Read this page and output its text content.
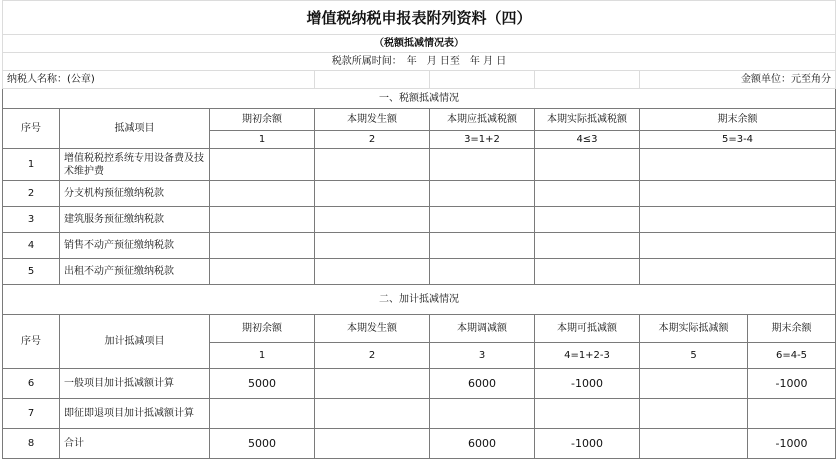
增值税纳税申报表附列资料（四）							
（税额抵减情况表）							
税款所属时间：　年　月 日至　年 月 日							
纳税人名称：(公章)						金额单位：元至角分	
一、税额抵减情况							
序号	抵减项目	期初余额	本期发生额	本期应抵减税额	本期实际抵减税额	期末余额	
		1	2	3=1+2	4≤3	5=3-4	
1	增值税税控系统专用设备费及技术维护费						
2	分支机构预征缴纳税款						
3	建筑服务预征缴纳税款						
4	销售不动产预征缴纳税款						
5	出租不动产预征缴纳税款						
二、加计抵减情况							
序号	加计抵减项目	期初余额	本期发生额	本期调减额	本期可抵减额	本期实际抵减额	期末余额
		1	2	3	4=1+2-3	5	6=4-5
6	一般项目加计抵减额计算	5000		6000	-1000		-1000
7	即征即退项目加计抵减额计算						
8	合计	5000		6000	-1000		-1000
